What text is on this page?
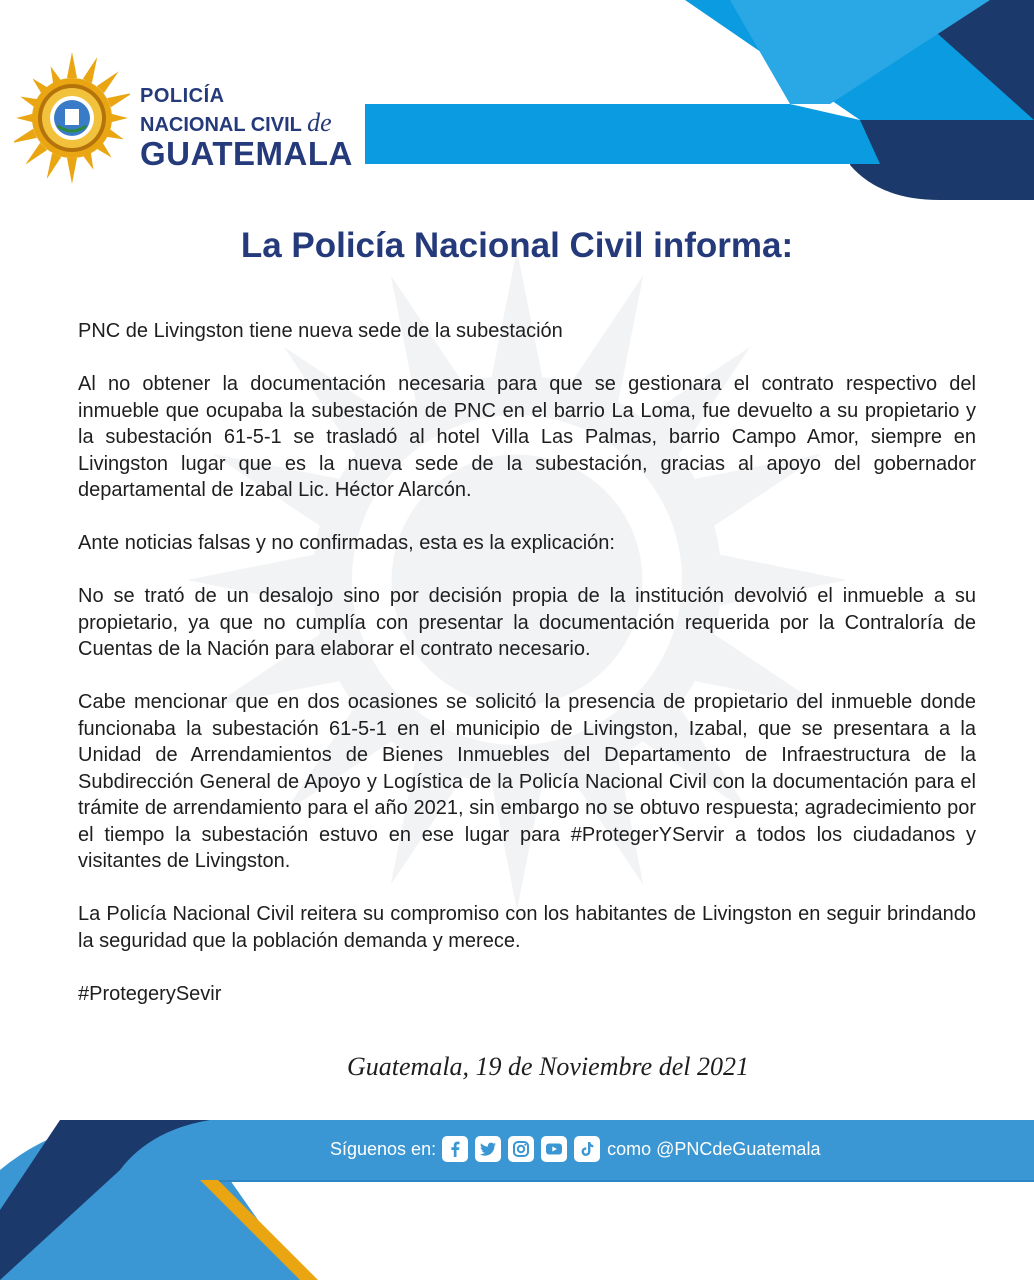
POLICÍA
NACIONAL CIVIL de
GUATEMALA
La Policía Nacional Civil informa:

PNC de Livingston tiene nueva sede de la subestación

Al no obtener la documentación necesaria para que se gestionara el contrato respectivo del inmueble que ocupaba la subestación de PNC en el barrio La Loma, fue devuelto a su propietario y la subestación 61-5-1 se trasladó al hotel Villa Las Palmas, barrio Campo Amor, siempre en Livingston lugar que es la nueva sede de la subestación, gracias al apoyo del gobernador departamental de Izabal Lic. Héctor Alarcón.

Ante noticias falsas y no confirmadas, esta es la explicación:

No se trató de un desalojo sino por decisión propia de la institución devolvió el inmueble a su propietario, ya que no cumplía con presentar la documentación requerida por la Contraloría de Cuentas de la Nación para elaborar el contrato necesario.

Cabe mencionar que en dos ocasiones se solicitó la presencia de propietario del inmueble donde funcionaba la subestación 61-5-1 en el municipio de Livingston, Izabal, que se presentara a la Unidad de Arrendamientos de Bienes Inmuebles del Departamento de Infraestructura de la Subdirección General de Apoyo y Logística de la Policía Nacional Civil con la documentación para el trámite de arrendamiento para el año 2021, sin embargo no se obtuvo respuesta; agradecimiento por el tiempo la subestación estuvo en ese lugar para #ProtegerYServir a todos los ciudadanos y visitantes de Livingston.

La Policía Nacional Civil reitera su compromiso con los habitantes de Livingston en seguir brindando la seguridad que la población demanda y merece.

#ProtegerySevir

Guatemala, 19 de Noviembre del 2021
Síguenos en:	como @PNCdeGuatemala
